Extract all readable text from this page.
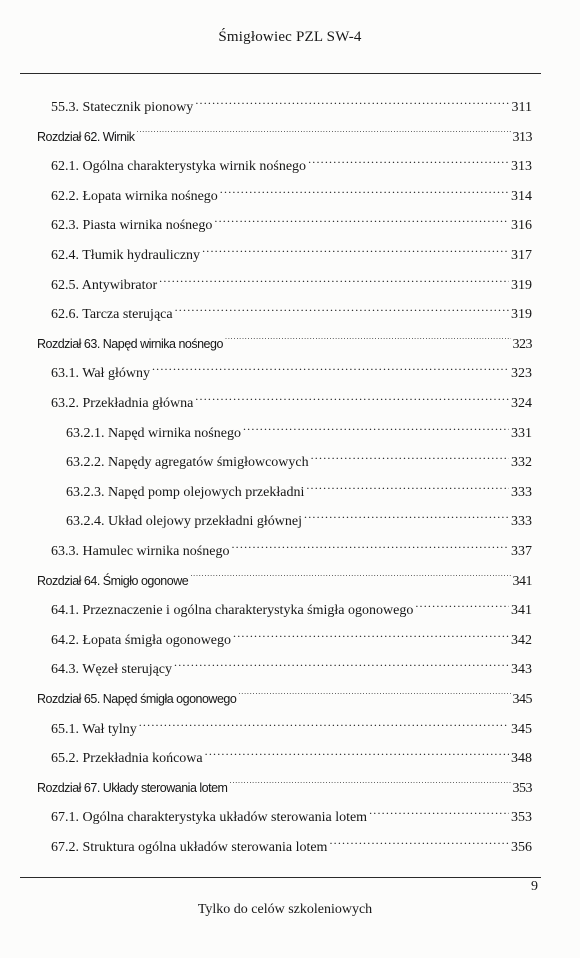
Śmigłowiec PZL SW-4
55.3. Statecznik pionowy .....	311
Rozdział 62. Wirnik .....	313
62.1. Ogólna charakterystyka wirnik nośnego .....	313
62.2. Łopata wirnika nośnego .....	314
62.3. Piasta wirnika nośnego .....	316
62.4. Tłumik hydrauliczny .....	317
62.5. Antywibrator .....	319
62.6. Tarcza sterująca .....	319
Rozdział 63. Napęd wirnika nośnego .....	323
63.1. Wał główny .....	323
63.2. Przekładnia główna .....	324
63.2.1. Napęd wirnika nośnego .....	331
63.2.2. Napędy agregatów śmigłowcowych .....	332
63.2.3. Napęd pomp olejowych przekładni .....	333
63.2.4. Układ olejowy przekładni głównej .....	333
63.3. Hamulec wirnika nośnego .....	337
Rozdział 64. Śmigło ogonowe .....	341
64.1. Przeznaczenie i ogólna charakterystyka śmigła ogonowego .....	341
64.2. Łopata śmigła ogonowego .....	342
64.3. Węzeł sterujący .....	343
Rozdział 65. Napęd śmigła ogonowego .....	345
65.1. Wał tylny .....	345
65.2. Przekładnia końcowa .....	348
Rozdział 67. Układy sterowania lotem .....	353
67.1. Ogólna charakterystyka układów sterowania lotem .....	353
67.2. Struktura ogólna układów sterowania lotem .....	356
9
Tylko do celów szkoleniowych
